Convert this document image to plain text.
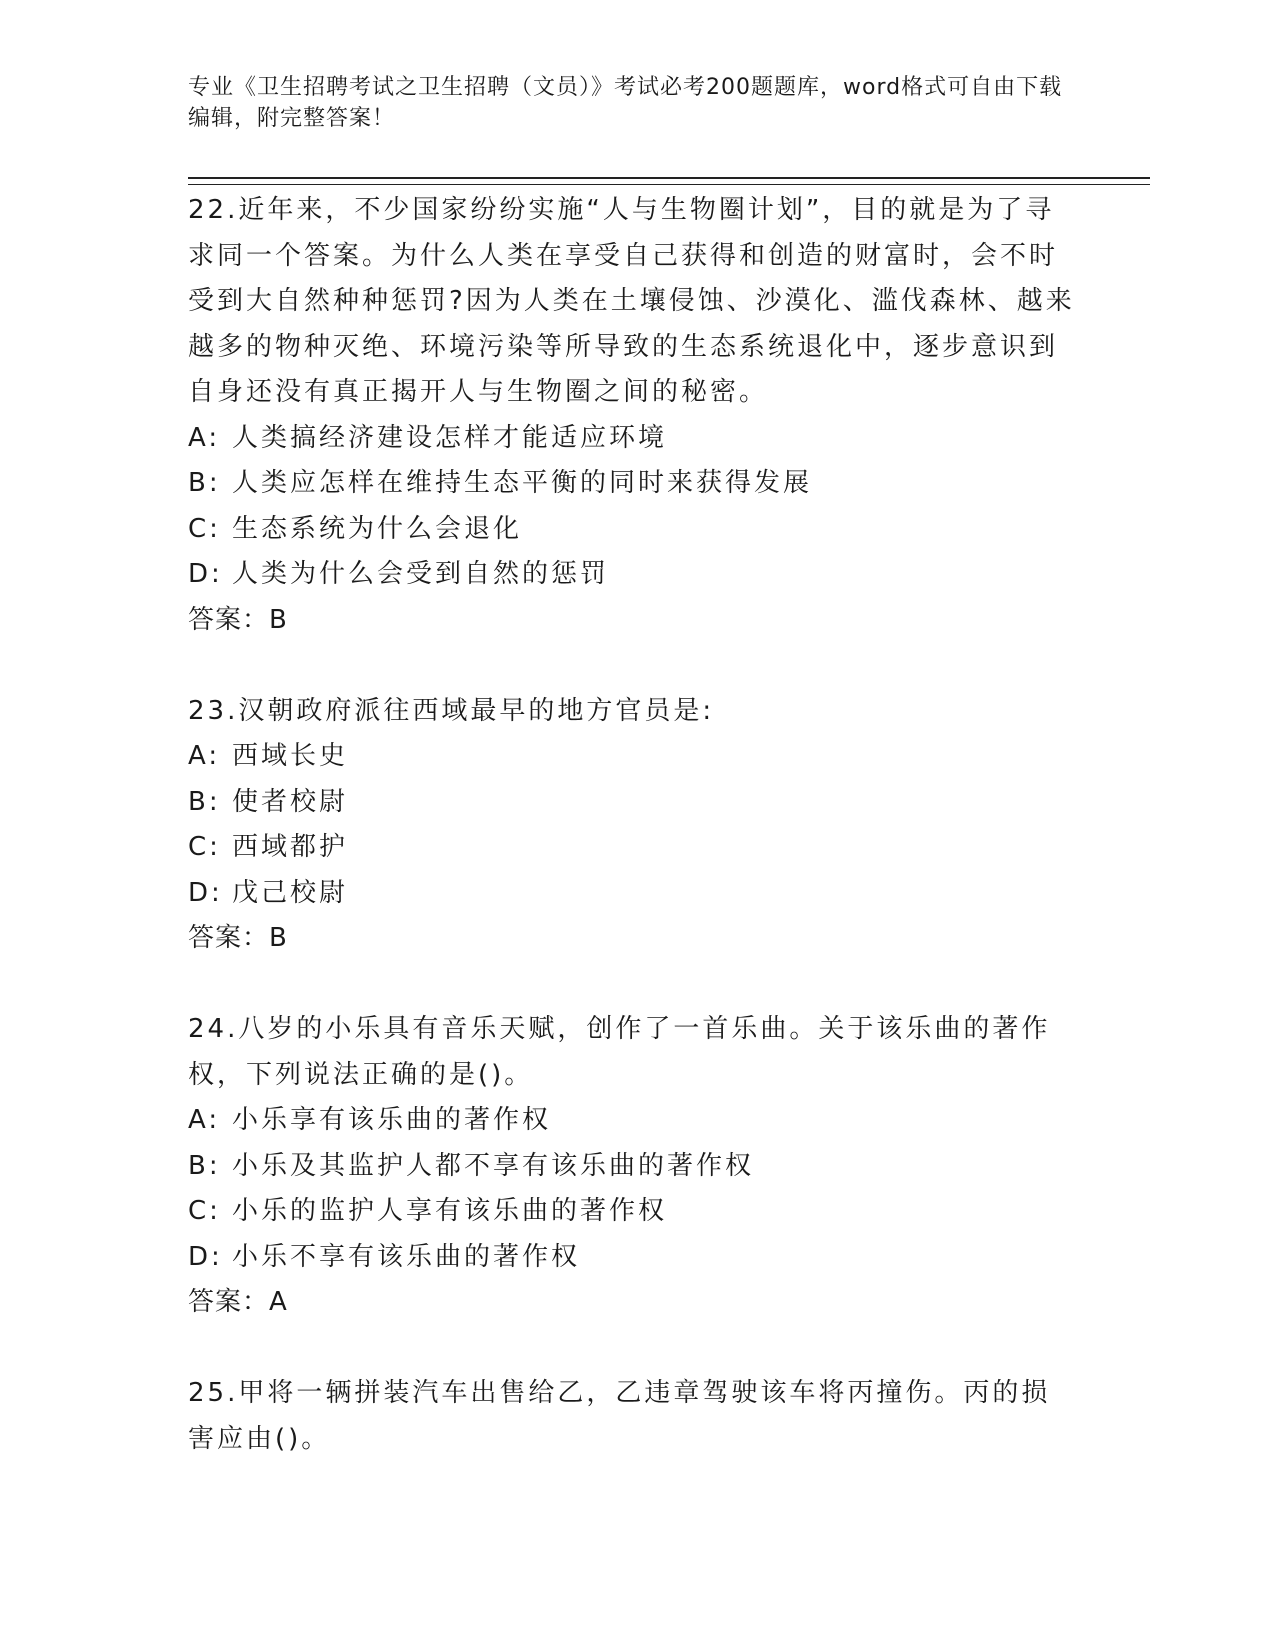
专业《卫生招聘考试之卫生招聘（文员）》考试必考200题题库，word格式可自由下载编辑，附完整答案！

22.近年来，不少国家纷纷实施“人与生物圈计划”，目的就是为了寻求同一个答案。为什么人类在享受自己获得和创造的财富时，会不时受到大自然种种惩罚?因为人类在土壤侵蚀、沙漠化、滥伐森林、越来越多的物种灭绝、环境污染等所导致的生态系统退化中，逐步意识到自身还没有真正揭开人与生物圈之间的秘密。

A: 人类搞经济建设怎样才能适应环境

B: 人类应怎样在维持生态平衡的同时来获得发展

C: 生态系统为什么会退化

D: 人类为什么会受到自然的惩罚

答案：B

23.汉朝政府派往西域最早的地方官员是:

A: 西域长史

B: 使者校尉

C: 西域都护

D: 戊己校尉

答案：B

24.八岁的小乐具有音乐天赋，创作了一首乐曲。关于该乐曲的著作权，下列说法正确的是()。

A: 小乐享有该乐曲的著作权

B: 小乐及其监护人都不享有该乐曲的著作权

C: 小乐的监护人享有该乐曲的著作权

D: 小乐不享有该乐曲的著作权

答案：A

25.甲将一辆拼装汽车出售给乙，乙违章驾驶该车将丙撞伤。丙的损害应由()。
